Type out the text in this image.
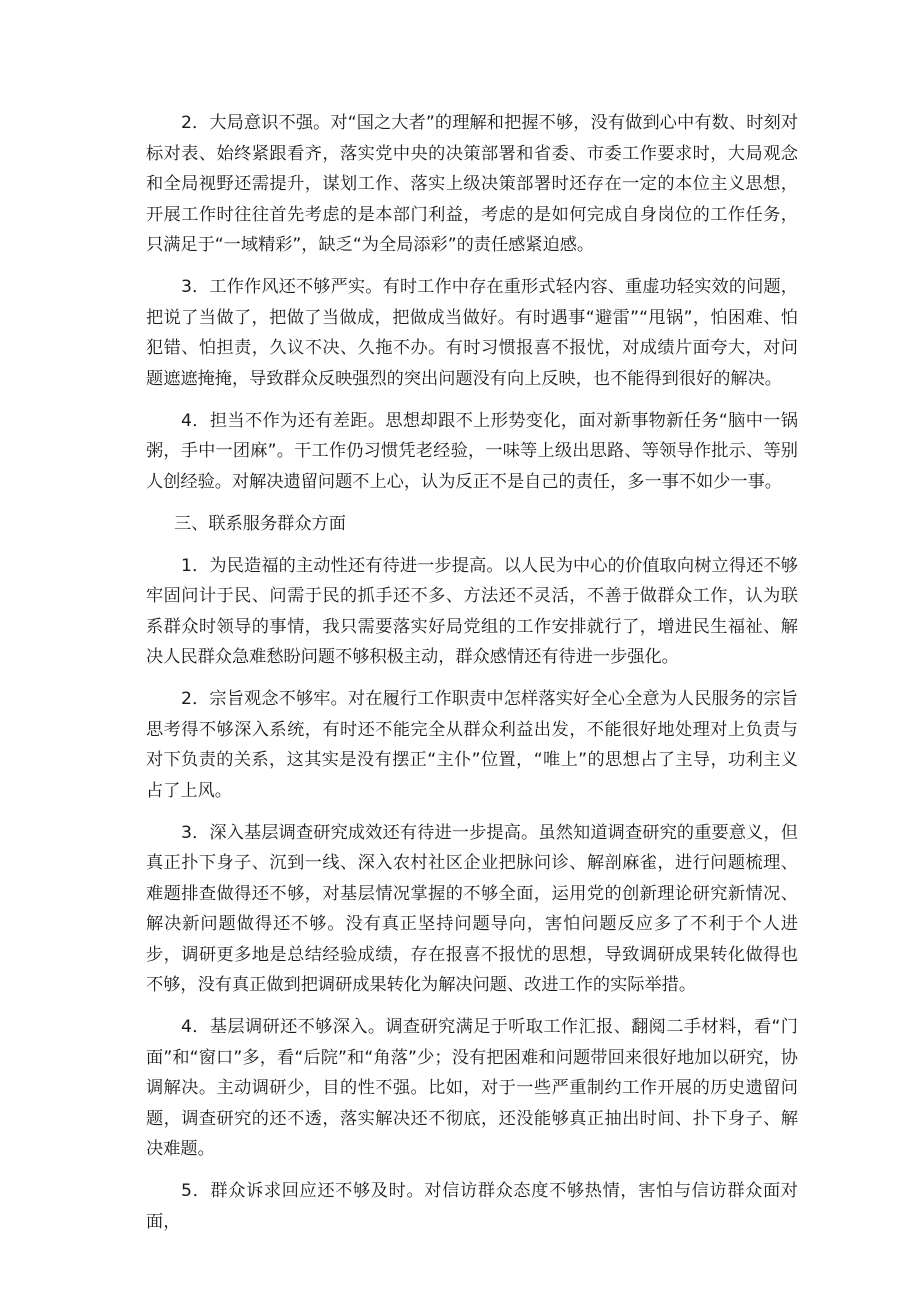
2．大局意识不强。对“国之大者”的理解和把握不够，没有做到心中有数、时刻对标对表、始终紧跟看齐，落实党中央的决策部署和省委、市委工作要求时，大局观念和全局视野还需提升，谋划工作、落实上级决策部署时还存在一定的本位主义思想，开展工作时往往首先考虑的是本部门利益，考虑的是如何完成自身岗位的工作任务，只满足于“一域精彩”，缺乏“为全局添彩”的责任感紧迫感。

3．工作作风还不够严实。有时工作中存在重形式轻内容、重虚功轻实效的问题，把说了当做了，把做了当做成，把做成当做好。有时遇事“避雷”“甩锅”，怕困难、怕犯错、怕担责，久议不决、久拖不办。有时习惯报喜不报忧，对成绩片面夸大，对问题遮遮掩掩，导致群众反映强烈的突出问题没有向上反映，也不能得到很好的解决。

4．担当不作为还有差距。思想却跟不上形势变化，面对新事物新任务“脑中一锅粥，手中一团麻”。干工作仍习惯凭老经验，一味等上级出思路、等领导作批示、等别人创经验。对解决遗留问题不上心，认为反正不是自己的责任，多一事不如少一事。

三、联系服务群众方面

1．为民造福的主动性还有待进一步提高。以人民为中心的价值取向树立得还不够牢固问计于民、问需于民的抓手还不多、方法还不灵活，不善于做群众工作，认为联系群众时领导的事情，我只需要落实好局党组的工作安排就行了，增进民生福祉、解决人民群众急难愁盼问题不够积极主动，群众感情还有待进一步强化。

2．宗旨观念不够牢。对在履行工作职责中怎样落实好全心全意为人民服务的宗旨思考得不够深入系统，有时还不能完全从群众利益出发，不能很好地处理对上负责与对下负责的关系，这其实是没有摆正“主仆”位置，“唯上”的思想占了主导，功利主义占了上风。

3．深入基层调查研究成效还有待进一步提高。虽然知道调查研究的重要意义，但真正扑下身子、沉到一线、深入农村社区企业把脉问诊、解剖麻雀，进行问题梳理、难题排查做得还不够，对基层情况掌握的不够全面，运用党的创新理论研究新情况、解决新问题做得还不够。没有真正坚持问题导向，害怕问题反应多了不利于个人进步，调研更多地是总结经验成绩，存在报喜不报忧的思想，导致调研成果转化做得也不够，没有真正做到把调研成果转化为解决问题、改进工作的实际举措。

4．基层调研还不够深入。调查研究满足于听取工作汇报、翻阅二手材料，看“门面”和“窗口”多，看“后院”和“角落”少；没有把困难和问题带回来很好地加以研究，协调解决。主动调研少，目的性不强。比如，对于一些严重制约工作开展的历史遗留问题，调查研究的还不透，落实解决还不彻底，还没能够真正抽出时间、扑下身子、解决难题。

5．群众诉求回应还不够及时。对信访群众态度不够热情，害怕与信访群众面对面，
